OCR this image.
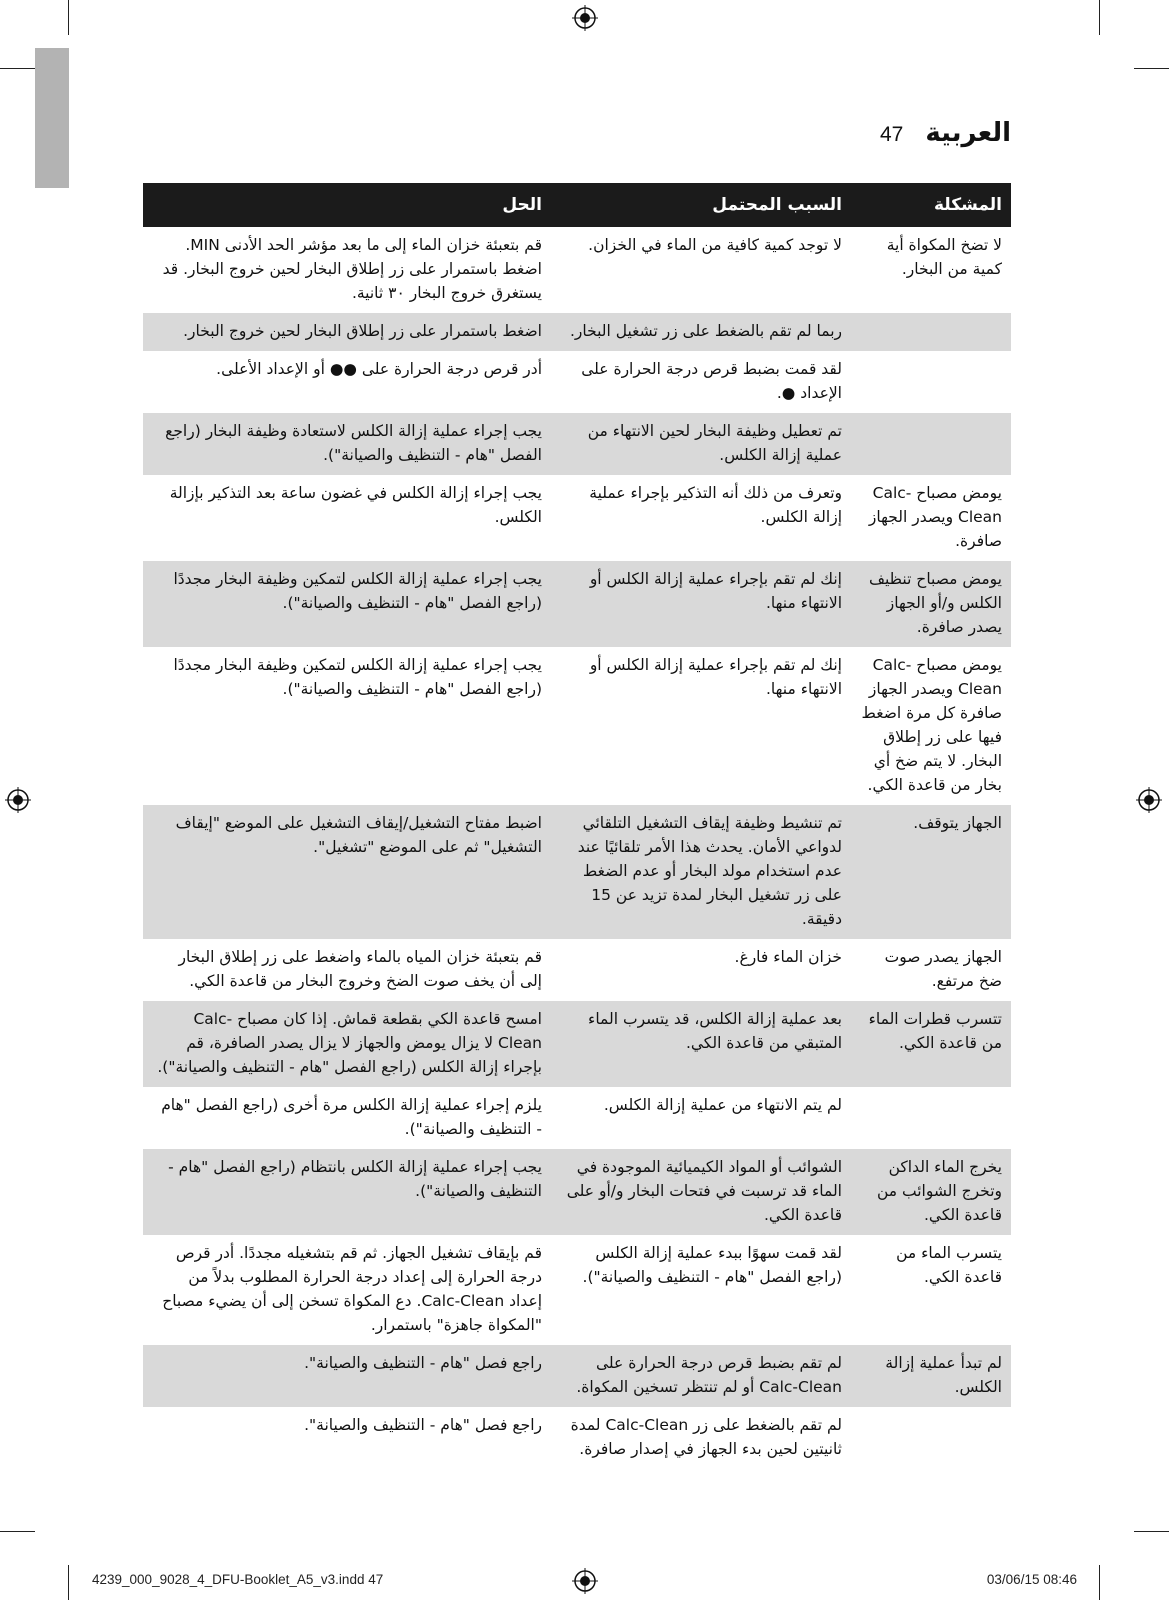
47 العربية
المشكلة	السبب المحتمل	الحل
لا تضخ المكواة أية كمية من البخار.	لا توجد كمية كافية من الماء في الخزان.	قم بتعبئة خزان الماء إلى ما بعد مؤشر الحد الأدنى MIN. اضغط باستمرار على زر إطلاق البخار لحين خروج البخار. قد يستغرق خروج البخار ٣٠ ثانية.
	ربما لم تقم بالضغط على زر تشغيل البخار.	اضغط باستمرار على زر إطلاق البخار لحين خروج البخار.
	لقد قمت بضبط قرص درجة الحرارة على الإعداد ●.	أدر قرص درجة الحرارة على ●● أو الإعداد الأعلى.
	تم تعطيل وظيفة البخار لحين الانتهاء من عملية إزالة الكلس.	يجب إجراء عملية إزالة الكلس لاستعادة وظيفة البخار (راجع الفصل "هام - التنظيف والصيانة").
يومض مصباح Calc-Clean ويصدر الجهاز صافرة.	وتعرف من ذلك أنه التذكير بإجراء عملية إزالة الكلس.	يجب إجراء إزالة الكلس في غضون ساعة بعد التذكير بإزالة الكلس.
يومض مصباح تنظيف الكلس و/أو الجهاز يصدر صافرة.	إنك لم تقم بإجراء عملية إزالة الكلس أو الانتهاء منها.	يجب إجراء عملية إزالة الكلس لتمكين وظيفة البخار مجددًا (راجع الفصل "هام - التنظيف والصيانة").
يومض مصباح Calc-Clean ويصدر الجهاز صافرة كل مرة اضغط فيها على زر إطلاق البخار. لا يتم ضخ أي بخار من قاعدة الكي.	إنك لم تقم بإجراء عملية إزالة الكلس أو الانتهاء منها.	يجب إجراء عملية إزالة الكلس لتمكين وظيفة البخار مجددًا (راجع الفصل "هام - التنظيف والصيانة").
الجهاز يتوقف.	تم تنشيط وظيفة إيقاف التشغيل التلقائي لدواعي الأمان. يحدث هذا الأمر تلقائيًا عند عدم استخدام مولد البخار أو عدم الضغط على زر تشغيل البخار لمدة تزيد عن 15 دقيقة.	اضبط مفتاح التشغيل/إيقاف التشغيل على الموضع "إيقاف التشغيل" ثم على الموضع "تشغيل".
الجهاز يصدر صوت ضخ مرتفع.	خزان الماء فارغ.	قم بتعبئة خزان المياه بالماء واضغط على زر إطلاق البخار إلى أن يخف صوت الضخ وخروج البخار من قاعدة الكي.
تتسرب قطرات الماء من قاعدة الكي.	بعد عملية إزالة الكلس، قد يتسرب الماء المتبقي من قاعدة الكي.	امسح قاعدة الكي بقطعة قماش. إذا كان مصباح Calc-Clean لا يزال يومض والجهاز لا يزال يصدر الصافرة، قم بإجراء إزالة الكلس (راجع الفصل "هام - التنظيف والصيانة").
	لم يتم الانتهاء من عملية إزالة الكلس.	يلزم إجراء عملية إزالة الكلس مرة أخرى (راجع الفصل "هام - التنظيف والصيانة").
يخرج الماء الداكن وتخرج الشوائب من قاعدة الكي.	الشوائب أو المواد الكيميائية الموجودة في الماء قد ترسبت في فتحات البخار و/أو على قاعدة الكي.	يجب إجراء عملية إزالة الكلس بانتظام (راجع الفصل "هام - التنظيف والصيانة").
يتسرب الماء من قاعدة الكي.	لقد قمت سهوًا ببدء عملية إزالة الكلس (راجع الفصل "هام - التنظيف والصيانة").	قم بإيقاف تشغيل الجهاز. ثم قم بتشغيله مجددًا. أدر قرص درجة الحرارة إلى إعداد درجة الحرارة المطلوب بدلاً من إعداد Calc-Clean. دع المكواة تسخن إلى أن يضيء مصباح "المكواة جاهزة" باستمرار.
لم تبدأ عملية إزالة الكلس.	لم تقم بضبط قرص درجة الحرارة على Calc-Clean أو لم تنتظر تسخين المكواة.	راجع فصل "هام - التنظيف والصيانة".
	لم تقم بالضغط على زر Calc-Clean لمدة ثانيتين لحين بدء الجهاز في إصدار صافرة.	راجع فصل "هام - التنظيف والصيانة".
4239_000_9028_4_DFU-Booklet_A5_v3.indd 47	03/06/15 08:46
